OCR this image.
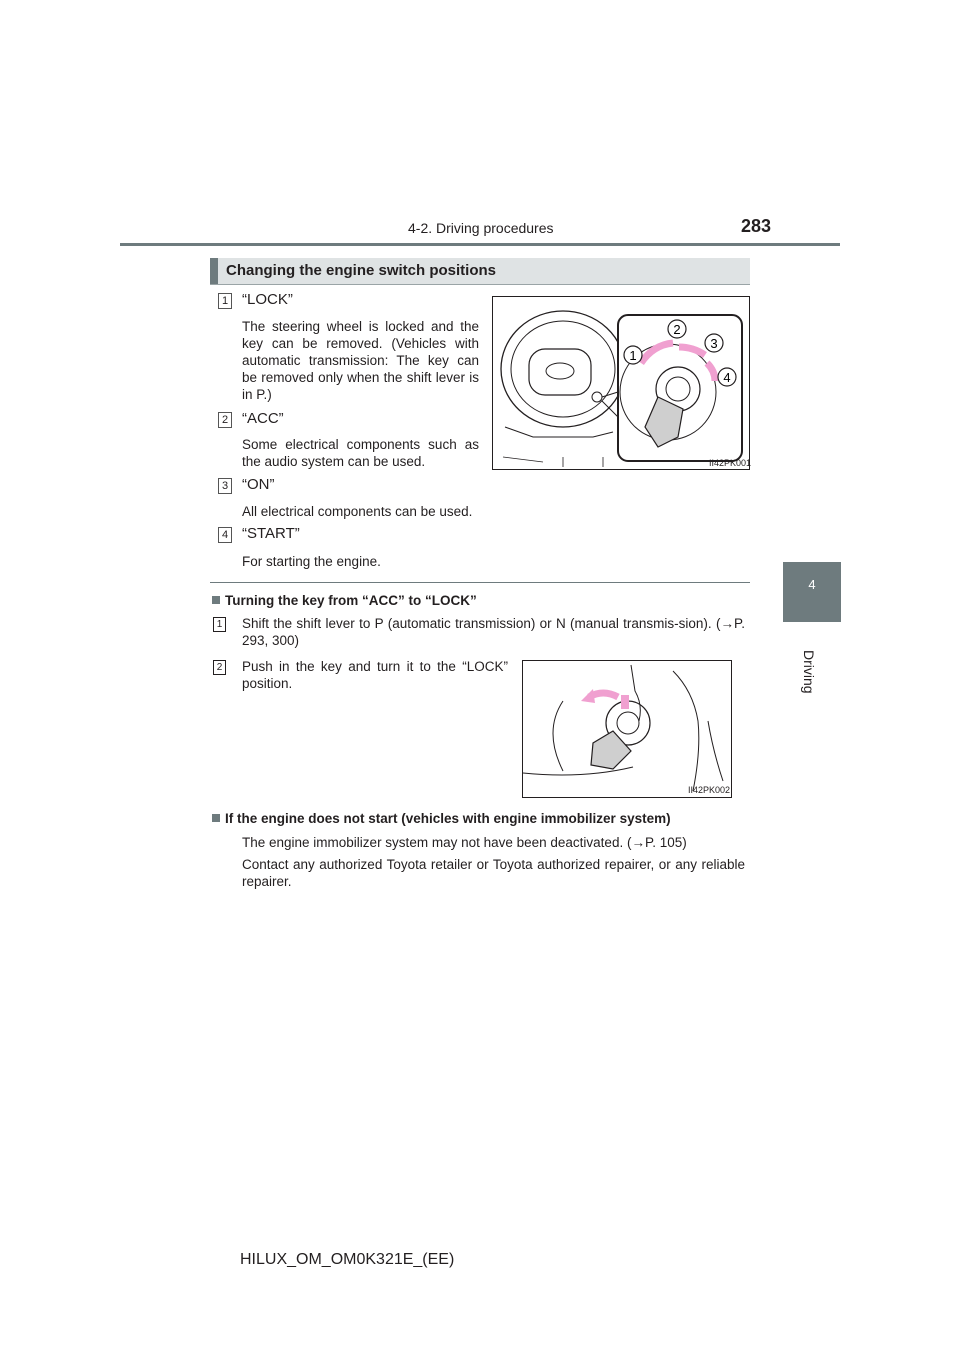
4-2. Driving procedures	283
4
Driving
Changing the engine switch positions
1 “LOCK”
The steering wheel is locked and the key can be removed. (Vehicles with automatic transmission: The key can be removed only when the shift lever is in P.)
2 “ACC”
Some electrical components such as the audio system can be used.
3 “ON”
All electrical components can be used.
4 “START”
For starting the engine.
1
2
3
4
II42PK001
Turning the key from “ACC” to “LOCK”
1 Shift the shift lever to P (automatic transmission) or N (manual transmis-sion). (→P. 293, 300)
2 Push in the key and turn it to the “LOCK” position.
II42PK002
If the engine does not start (vehicles with engine immobilizer system)
The engine immobilizer system may not have been deactivated. (→P. 105)
Contact any authorized Toyota retailer or Toyota authorized repairer, or any reliable repairer.
HILUX_OM_OM0K321E_(EE)
